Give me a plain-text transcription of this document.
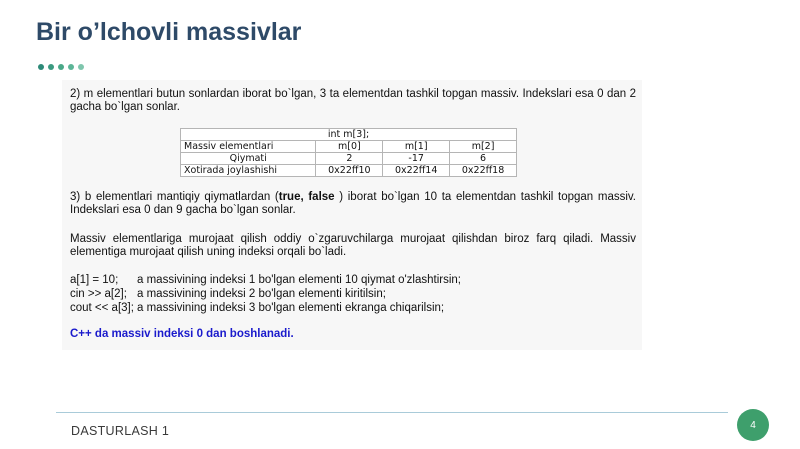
Bir o’lchovli massivlar
2) m elementlari butun sonlardan iborat bo`lgan, 3 ta elementdan tashkil topgan massiv. Indekslari esa 0 dan 2 gacha bo`lgan sonlar.
int m[3];			
Massiv elementlari	m[0]	m[1]	m[2]
Qiymati	2	-17	6
Xotirada joylashishi	0x22ff10	0x22ff14	0x22ff18
3) b elementlari mantiqiy qiymatlardan (true, false ) iborat bo`lgan 10 ta elementdan tashkil topgan massiv. Indekslari esa 0 dan 9 gacha bo`lgan sonlar.
Massiv elementlariga murojaat qilish oddiy o`zgaruvchilarga murojaat qilishdan biroz farq qiladi. Massiv elementiga murojaat qilish uning indeksi orqali bo`ladi.
a[1] = 10; a massivining indeksi 1 bo'lgan elementi 10 qiymat o'zlashtirsin;
cin >> a[2]; a massivining indeksi 2 bo'lgan elementi kiritilsin;
cout << a[3]; a massivining indeksi 3 bo'lgan elementi ekranga chiqarilsin;
C++ da massiv indeksi 0 dan boshlanadi.
DASTURLASH 1	4
